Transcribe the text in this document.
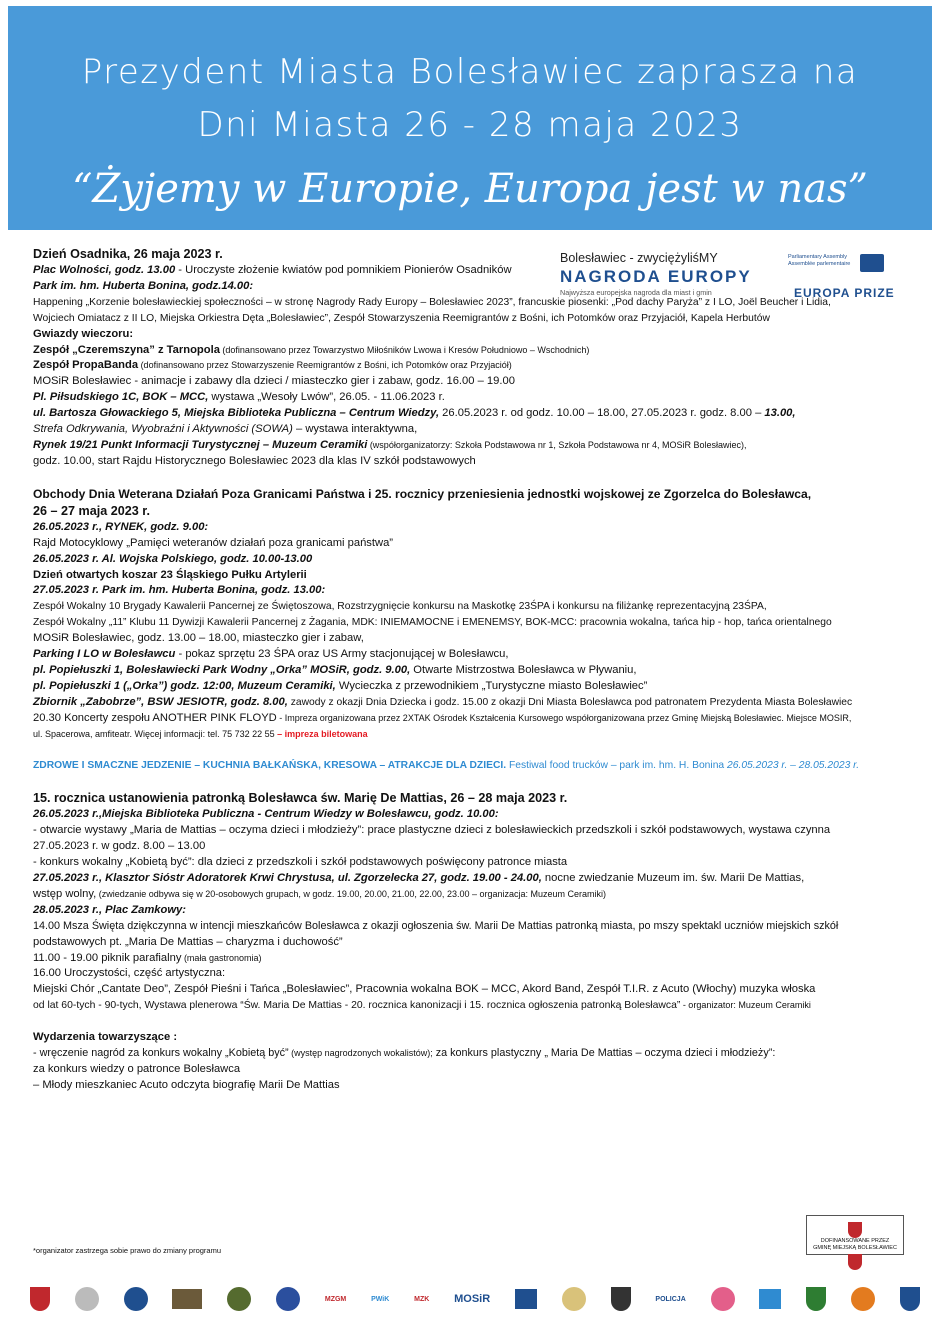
Prezydent Miasta Bolesławiec zaprasza na
Dni Miasta 26 - 28 maja 2023
“Żyjemy w Europie, Europa jest w nas”
Bolesławiec - zwyciężyliśMY
NAGRODA EUROPY
Najwyższa europejska nagroda dla miast i gmin
Parliamentary Assembly
Assemblée parlementaire
EUROPA PRIZE

Dzień Osadnika, 26 maja 2023 r.

Plac Wolności, godz. 13.00 - Uroczyste złożenie kwiatów pod pomnikiem Pionierów Osadników

Park im. hm. Huberta Bonina, godz.14.00:

Happening „Korzenie bolesławieckiej społeczności – w stronę Nagrody Rady Europy – Bolesławiec 2023”, francuskie piosenki: „Pod dachy Paryża” z I LO, Joël Beucher i Lidia,

Wojciech Omiatacz z II LO, Miejska Orkiestra Dęta „Bolesławiec”, Zespół Stowarzyszenia Reemigrantów z Bośni, ich Potomków oraz Przyjaciół, Kapela Herbutów

Gwiazdy wieczoru:

Zespół „Czeremszyna” z Tarnopola (dofinansowano przez Towarzystwo Miłośników Lwowa i Kresów Południowo – Wschodnich)

Zespół PropaBanda (dofinansowano przez Stowarzyszenie Reemigrantów z Bośni, ich Potomków oraz Przyjaciół)

MOSiR Bolesławiec - animacje i zabawy dla dzieci / miasteczko gier i zabaw, godz. 16.00 – 19.00

Pl. Piłsudskiego 1C, BOK – MCC, wystawa „Wesoły Lwów”, 26.05. - 11.06.2023 r.

ul. Bartosza Głowackiego 5, Miejska Biblioteka Publiczna – Centrum Wiedzy, 26.05.2023 r. od godz. 10.00 – 18.00, 27.05.2023 r. godz. 8.00 – 13.00,

Strefa Odkrywania, Wyobraźni i Aktywności (SOWA) – wystawa interaktywna,

Rynek 19/21 Punkt Informacji Turystycznej – Muzeum Ceramiki (współorganizatorzy: Szkoła Podstawowa nr 1, Szkoła Podstawowa nr 4, MOSiR Bolesławiec),

godz. 10.00, start Rajdu Historycznego Bolesławiec 2023 dla klas IV szkół podstawowych

Obchody Dnia Weterana Działań Poza Granicami Państwa i 25. rocznicy przeniesienia jednostki wojskowej ze Zgorzelca do Bolesławca,

26 – 27 maja 2023 r.

26.05.2023 r., RYNEK, godz. 9.00:

Rajd Motocyklowy „Pamięci weteranów działań poza granicami państwa”

26.05.2023 r. Al. Wojska Polskiego, godz. 10.00-13.00

Dzień otwartych koszar 23 Śląskiego Pułku Artylerii

27.05.2023 r. Park im. hm. Huberta Bonina, godz. 13.00:

Zespół Wokalny 10 Brygady Kawalerii Pancernej ze Świętoszowa, Rozstrzygnięcie konkursu na Maskotkę 23ŚPA i konkursu na filiżankę reprezentacyjną 23ŚPA,

Zespół Wokalny „11” Klubu 11 Dywizji Kawalerii Pancernej z Żagania, MDK: INIEMAMOCNE i EMENEMSY, BOK-MCC: pracownia wokalna, tańca hip - hop, tańca orientalnego

MOSiR Bolesławiec, godz. 13.00 – 18.00, miasteczko gier i zabaw,

Parking I LO w Bolesławcu - pokaz sprzętu 23 ŚPA oraz US Army stacjonującej w Bolesławcu,

pl. Popiełuszki 1, Bolesławiecki Park Wodny „Orka” MOSiR, godz. 9.00, Otwarte Mistrzostwa Bolesławca w Pływaniu,

pl. Popiełuszki 1 („Orka”) godz. 12:00, Muzeum Ceramiki, Wycieczka z przewodnikiem „Turystyczne miasto Bolesławiec”

Zbiornik „Zabobrze”, BSW JESIOTR, godz. 8.00, zawody z okazji Dnia Dziecka i godz. 15.00 z okazji Dni Miasta Bolesławca pod patronatem Prezydenta Miasta Bolesławiec

20.30 Koncerty zespołu ANOTHER PINK FLOYD - Impreza organizowana przez 2XTAK Ośrodek Kształcenia Kursowego współorganizowana przez Gminę Miejską Bolesławiec. Miejsce MOSIR,

ul. Spacerowa, amfiteatr. Więcej informacji: tel. 75 732 22 55 – impreza biletowana

ZDROWE I SMACZNE JEDZENIE – KUCHNIA BAŁKAŃSKA, KRESOWA – ATRAKCJE DLA DZIECI. Festiwal food trucków – park im. hm. H. Bonina 26.05.2023 r. – 28.05.2023 r.

15. rocznica ustanowienia patronką Bolesławca św. Marię De Mattias, 26 – 28 maja 2023 r.

26.05.2023 r.,Miejska Biblioteka Publiczna - Centrum Wiedzy w Bolesławcu, godz. 10.00:

- otwarcie wystawy „Maria de Mattias – oczyma dzieci i młodzieży”: prace plastyczne dzieci z bolesławieckich przedszkoli i szkół podstawowych, wystawa czynna

27.05.2023 r. w godz. 8.00 – 13.00

- konkurs wokalny „Kobietą być”: dla dzieci z przedszkoli i szkół podstawowych poświęcony patronce miasta

27.05.2023 r., Klasztor Sióstr Adoratorek Krwi Chrystusa, ul. Zgorzelecka 27, godz. 19.00 - 24.00, nocne zwiedzanie Muzeum im. św. Marii De Mattias,

wstęp wolny, (zwiedzanie odbywa się w 20-osobowych grupach, w godz. 19.00, 20.00, 21.00, 22.00, 23.00 – organizacja: Muzeum Ceramiki)

28.05.2023 r., Plac Zamkowy:

14.00 Msza Święta dziękczynna w intencji mieszkańców Bolesławca z okazji ogłoszenia św. Marii De Mattias patronką miasta, po mszy spektakl uczniów miejskich szkół

podstawowych pt. „Maria De Mattias – charyzma i duchowość”

11.00 - 19.00 piknik parafialny (mała gastronomia)

16.00 Uroczystości, część artystyczna:

Miejski Chór „Cantate Deo”, Zespół Pieśni i Tańca „Bolesławiec”, Pracownia wokalna BOK – MCC, Akord Band, Zespół T.I.R. z Acuto (Włochy) muzyka włoska

od lat 60-tych - 90-tych, Wystawa plenerowa “Św. Maria De Mattias - 20. rocznica kanonizacji i 15. rocznica ogłoszenia patronką Bolesławca” - organizator: Muzeum Ceramiki

Wydarzenia towarzyszące :

- wręczenie nagród za konkurs wokalny „Kobietą być” (występ nagrodzonych wokalistów); za konkurs plastyczny „ Maria De Mattias – oczyma dzieci i młodzieży”:

za konkurs wiedzy o patronce Bolesławca

– Młody mieszkaniec Acuto odczyta biografię Marii De Mattias

*organizator zastrzega sobie prawo do zmiany programu
DOFINANSOWANE PRZEZ
GMINĘ MIEJSKĄ BOLESŁAWIEC
MZGM	PWiK	MZK MOSiR	POLICJA
